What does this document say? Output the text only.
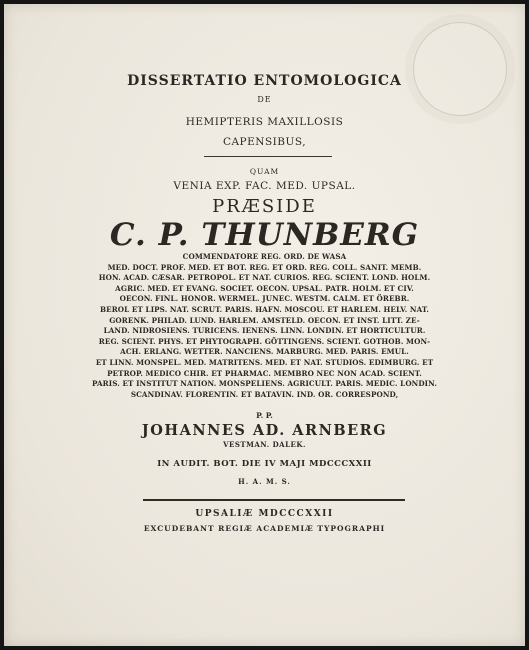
DISSERTATIO ENTOMOLOGICA
DE
HEMIPTERIS MAXILLOSIS
CAPENSIBUS,
QUAM
VENIA EXP. FAC. MED. UPSAL.
PRÆSIDE
C. P. THUNBERG
COMMENDATORE REG. ORD. DE WASA
MED. DOCT. PROF. MED. ET BOT. REG. ET ORD. REG. COLL. SANIT. MEMB.
HON. ACAD. CÆSAR. PETROPOL. ET NAT. CURIOS. REG. SCIENT. LOND. HOLM.
AGRIC. MED. ET EVANG. SOCIET. OECON. UPSAL. PATR. HOLM. ET CIV.
OECON. FINL. HONOR. WERMEL. JUNEC. WESTM. CALM. ET ÖREBR.
BEROL ET LIPS. NAT. SCRUT. PARIS. HAFN. MOSCOU. ET HARLEM. HELV. NAT.
GORENK. PHILAD. LUND. HARLEM. AMSTELD. OECON. ET INST. LITT. ZE-
LAND. NIDROSIENS. TURICENS. IENENS. LINN. LONDIN. ET HORTICULTUR.
REG. SCIENT. PHYS. ET PHYTOGRAPH. GÖTTINGENS. SCIENT. GOTHOB. MON-
ACH. ERLANG. WETTER. NANCIENS. MARBURG. MED. PARIS. EMUL.
ET LINN. MONSPEL. MED. MATRITENS. MED. ET NAT. STUDIOS. EDIMBURG. ET
PETROP. MEDICO CHIR. ET PHARMAC. MEMBRO NEC NON ACAD. SCIENT.
PARIS. ET INSTITUT NATION. MONSPELIENS. AGRICULT. PARIS. MEDIC. LONDIN.
SCANDINAV. FLORENTIN. ET BATAVIN. IND. OR. CORRESPOND,
P. P.
JOHANNES AD. ARNBERG
VESTMAN. DALEK.
IN AUDIT. BOT. DIE IV MAJI MDCCCXXII
H. A. M. S.
UPSALIÆ MDCCCXXII
EXCUDEBANT REGIÆ ACADEMIÆ TYPOGRAPHI
